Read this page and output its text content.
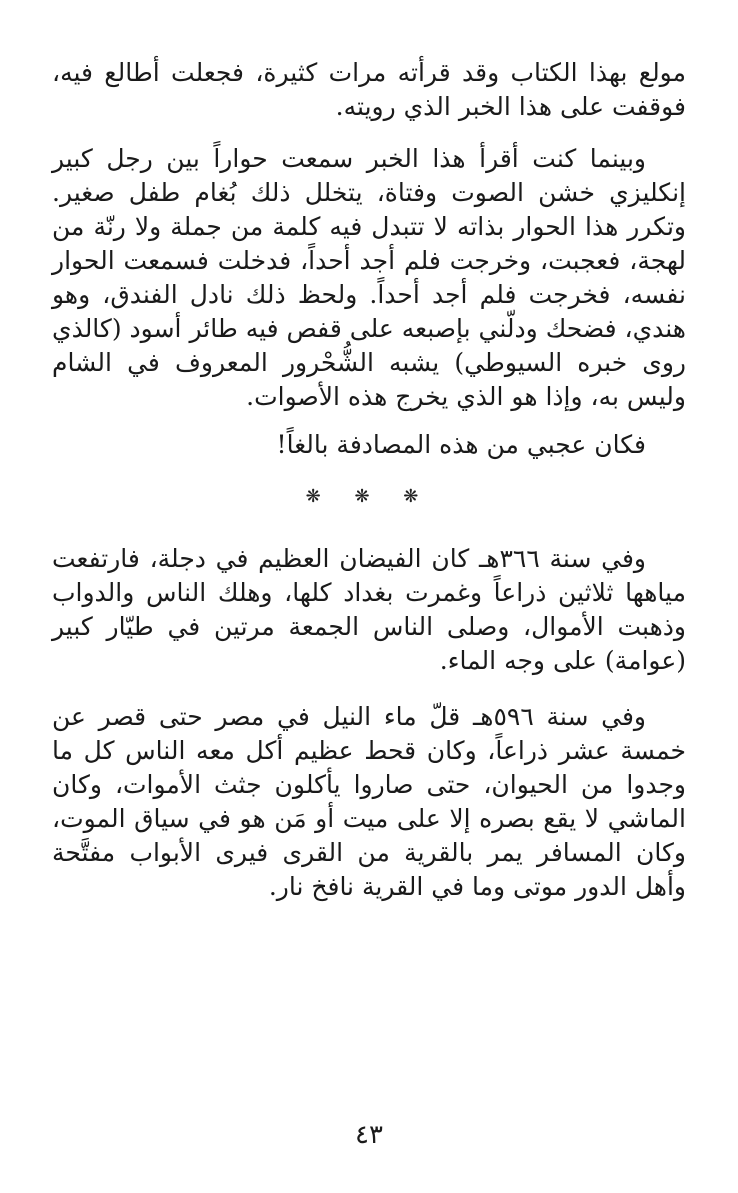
مولع بهذا الكتاب وقد قرأته مرات كثيرة، فجعلت أطالع فيه، فوقفت على هذا الخبر الذي رويته.

وبينما كنت أقرأ هذا الخبر سمعت حواراً بين رجل كبير إنكليزي خشن الصوت وفتاة، يتخلل ذلك بُغام طفل صغير. وتكرر هذا الحوار بذاته لا تتبدل فيه كلمة من جملة ولا رنّة من لهجة، فعجبت، وخرجت فلم أجد أحداً، فدخلت فسمعت الحوار نفسه، فخرجت فلم أجد أحداً. ولحظ ذلك نادل الفندق، وهو هندي، فضحك ودلّني بإصبعه على قفص فيه طائر أسود (كالذي روى خبره السيوطي) يشبه الشُّحْرور المعروف في الشام وليس به، وإذا هو الذي يخرج هذه الأصوات.

فكان عجبي من هذه المصادفة بالغاً!

❋ ❋ ❋

وفي سنة ٣٦٦هـ كان الفيضان العظيم في دجلة، فارتفعت مياهها ثلاثين ذراعاً وغمرت بغداد كلها، وهلك الناس والدواب وذهبت الأموال، وصلى الناس الجمعة مرتين في طيّار كبير (عوامة) على وجه الماء.

وفي سنة ٥٩٦هـ قلّ ماء النيل في مصر حتى قصر عن خمسة عشر ذراعاً، وكان قحط عظيم أكل معه الناس كل ما وجدوا من الحيوان، حتى صاروا يأكلون جثث الأموات، وكان الماشي لا يقع بصره إلا على ميت أو مَن هو في سياق الموت، وكان المسافر يمر بالقرية من القرى فيرى الأبواب مفتَّحة وأهل الدور موتى وما في القرية نافخ نار.

٤٣
